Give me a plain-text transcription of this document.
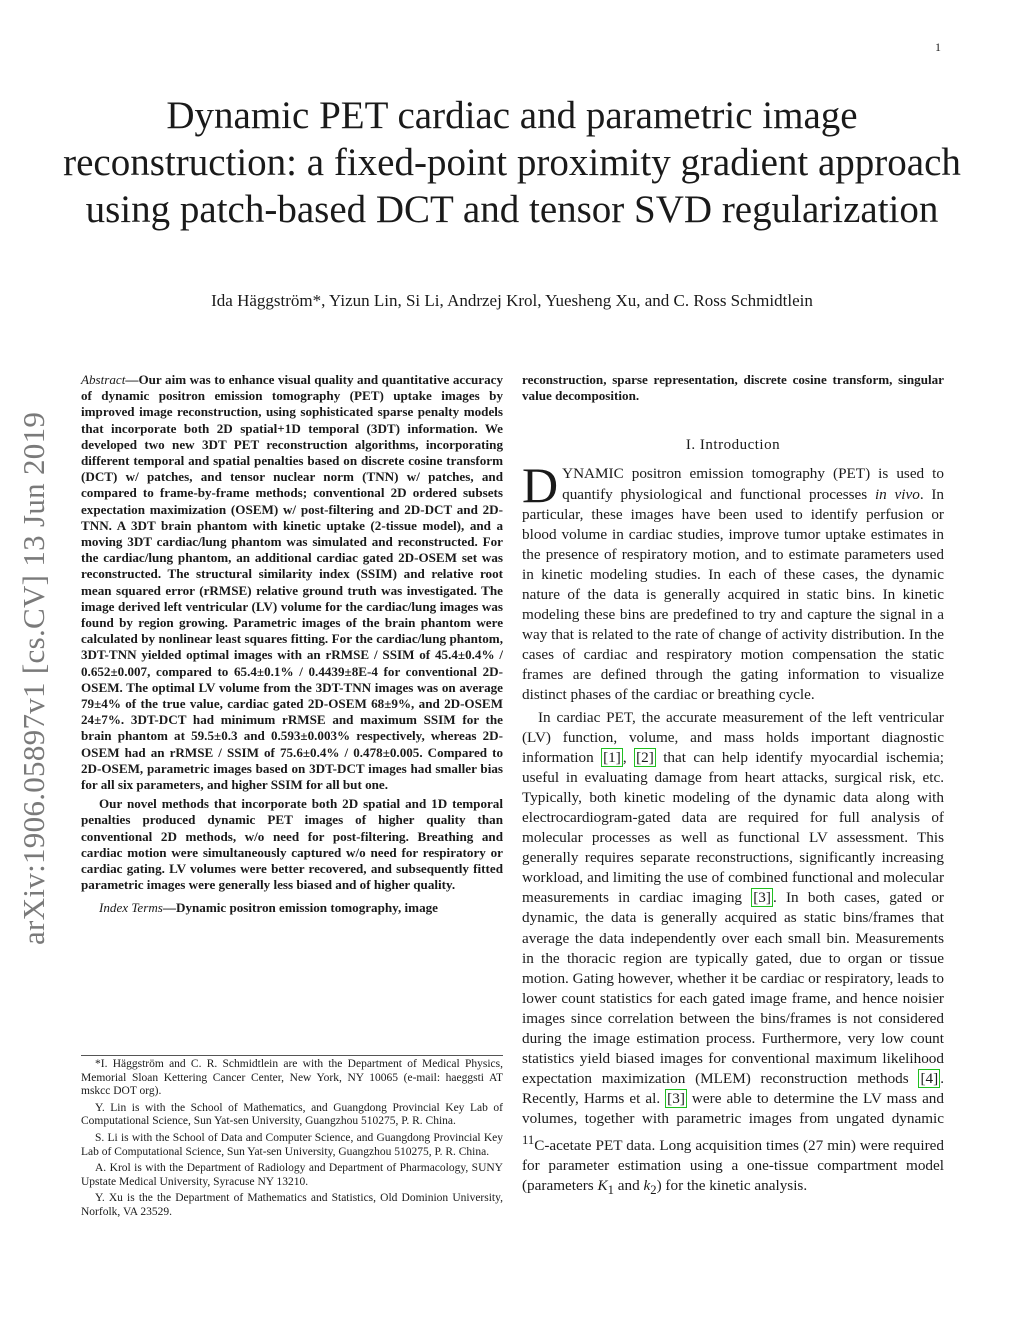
1
Dynamic PET cardiac and parametric image reconstruction: a fixed-point proximity gradient approach using patch-based DCT and tensor SVD regularization
Ida Häggström*, Yizun Lin, Si Li, Andrzej Krol, Yuesheng Xu, and C. Ross Schmidtlein
arXiv:1906.05897v1 [cs.CV] 13 Jun 2019

Abstract—Our aim was to enhance visual quality and quantitative accuracy of dynamic positron emission tomography (PET) uptake images by improved image reconstruction, using sophisticated sparse penalty models that incorporate both 2D spatial+1D temporal (3DT) information. We developed two new 3DT PET reconstruction algorithms, incorporating different temporal and spatial penalties based on discrete cosine transform (DCT) w/ patches, and tensor nuclear norm (TNN) w/ patches, and compared to frame-by-frame methods; conventional 2D ordered subsets expectation maximization (OSEM) w/ post-filtering and 2D-DCT and 2D-TNN. A 3DT brain phantom with kinetic uptake (2-tissue model), and a moving 3DT cardiac/lung phantom was simulated and reconstructed. For the cardiac/lung phantom, an additional cardiac gated 2D-OSEM set was reconstructed. The structural similarity index (SSIM) and relative root mean squared error (rRMSE) relative ground truth was investigated. The image derived left ventricular (LV) volume for the cardiac/lung images was found by region growing. Parametric images of the brain phantom were calculated by nonlinear least squares fitting. For the cardiac/lung phantom, 3DT-TNN yielded optimal images with an rRMSE / SSIM of 45.4±0.4% / 0.652±0.007, compared to 65.4±0.1% / 0.4439±8E-4 for conventional 2D-OSEM. The optimal LV volume from the 3DT-TNN images was on average 79±4% of the true value, cardiac gated 2D-OSEM 68±9%, and 2D-OSEM 24±7%. 3DT-DCT had minimum rRMSE and maximum SSIM for the brain phantom at 59.5±0.3 and 0.593±0.003% respectively, whereas 2D-OSEM had an rRMSE / SSIM of 75.6±0.4% / 0.478±0.005. Compared to 2D-OSEM, parametric images based on 3DT-DCT images had smaller bias for all six parameters, and higher SSIM for all but one.

Our novel methods that incorporate both 2D spatial and 1D temporal penalties produced dynamic PET images of higher quality than conventional 2D methods, w/o need for post-filtering. Breathing and cardiac motion were simultaneously captured w/o need for respiratory or cardiac gating. LV volumes were better recovered, and subsequently fitted parametric images were generally less biased and of higher quality.

Index Terms—Dynamic positron emission tomography, image

*I. Häggström and C. R. Schmidtlein are with the Department of Medical Physics, Memorial Sloan Kettering Cancer Center, New York, NY 10065 (e-mail: haeggsti AT mskcc DOT org).

Y. Lin is with the School of Mathematics, and Guangdong Provincial Key Lab of Computational Science, Sun Yat-sen University, Guangzhou 510275, P. R. China.

S. Li is with the School of Data and Computer Science, and Guangdong Provincial Key Lab of Computational Science, Sun Yat-sen University, Guangzhou 510275, P. R. China.

A. Krol is with the Department of Radiology and Department of Pharmacology, SUNY Upstate Medical University, Syracuse NY 13210.

Y. Xu is the the Department of Mathematics and Statistics, Old Dominion University, Norfolk, VA 23529.

reconstruction, sparse representation, discrete cosine transform, singular value decomposition.

I. Introduction

DYNAMIC positron emission tomography (PET) is used to quantify physiological and functional processes in vivo. In particular, these images have been used to identify perfusion or blood volume in cardiac studies, improve tumor uptake estimates in the presence of respiratory motion, and to estimate parameters used in kinetic modeling studies. In each of these cases, the dynamic nature of the data is generally acquired in static bins. In kinetic modeling these bins are predefined to try and capture the signal in a way that is related to the rate of change of activity distribution. In the cases of cardiac and respiratory motion compensation the static frames are defined through the gating information to visualize distinct phases of the cardiac or breathing cycle.

In cardiac PET, the accurate measurement of the left ventricular (LV) function, volume, and mass holds important diagnostic information [1] , [2] that can help identify myocardial ischemia; useful in evaluating damage from heart attacks, surgical risk, etc. Typically, both kinetic modeling of the dynamic data along with electrocardiogram-gated data are required for full analysis of molecular processes as well as functional LV assessment. This generally requires separate reconstructions, significantly increasing workload, and limiting the use of combined functional and molecular measurements in cardiac imaging [3] . In both cases, gated or dynamic, the data is generally acquired as static bins/frames that average the data independently over each small bin. Measurements in the thoracic region are typically gated, due to organ or tissue motion. Gating however, whether it be cardiac or respiratory, leads to lower count statistics for each gated image frame, and hence noisier images since correlation between the bins/frames is not considered during the image estimation process. Furthermore, very low count statistics yield biased images for conventional maximum likelihood expectation maximization (MLEM) reconstruction methods [4] . Recently, Harms et al. [3] were able to determine the LV mass and volumes, together with parametric images from ungated dynamic $^{11}$C-acetate PET data. Long acquisition times (27 min) were required for parameter estimation using a one-tissue compartment model (parameters $K_1$ and $k_2$) for the kinetic analysis.
